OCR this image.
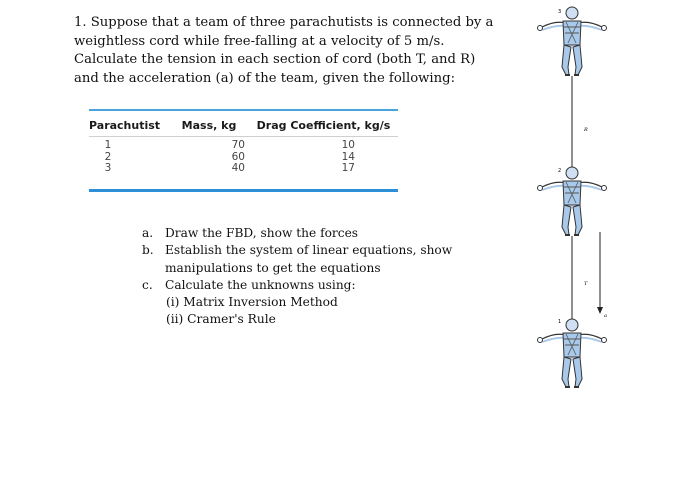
1. Suppose that a team of three parachutists is connected by a weightless cord while free-falling at a velocity of 5 m/s. Calculate the tension in each section of cord (both T, and R) and the acceleration (a) of the team, given the following:

Parachutist	Mass, kg	Drag Coefficient, kg/s
1	70	10
2	60	14
3	40	17
a. Draw the FBD, show the forces
b. Establish the system of linear equations, show manipulations to get the equations
c.	Calculate the unknowns using:
(i) Matrix Inversion Method
(ii) Cramer's Rule
3
2
1
R
T
a
